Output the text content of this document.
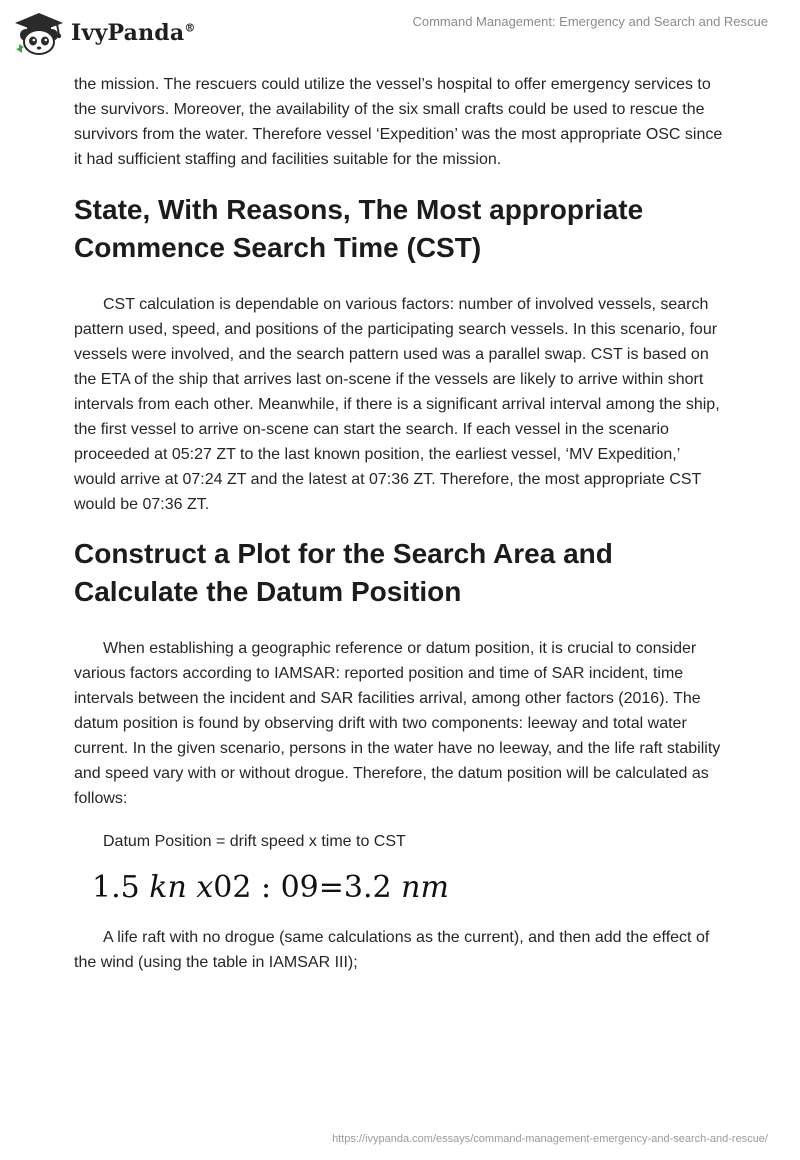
IvyPanda®	Command Management: Emergency and Search and Rescue

the mission. The rescuers could utilize the vessel’s hospital to offer emergency services to the survivors. Moreover, the availability of the six small crafts could be used to rescue the survivors from the water. Therefore vessel ‘Expedition’ was the most appropriate OSC since it had sufficient staffing and facilities suitable for the mission.

State, With Reasons, The Most appropriate Commence Search Time (CST)

CST calculation is dependable on various factors: number of involved vessels, search pattern used, speed, and positions of the participating search vessels. In this scenario, four vessels were involved, and the search pattern used was a parallel swap. CST is based on the ETA of the ship that arrives last on-scene if the vessels are likely to arrive within short intervals from each other. Meanwhile, if there is a significant arrival interval among the ship, the first vessel to arrive on-scene can start the search. If each vessel in the scenario proceeded at 05:27 ZT to the last known position, the earliest vessel, ‘MV Expedition,’ would arrive at 07:24 ZT and the latest at 07:36 ZT. Therefore, the most appropriate CST would be 07:36 ZT.

Construct a Plot for the Search Area and Calculate the Datum Position

When establishing a geographic reference or datum position, it is crucial to consider various factors according to IAMSAR: reported position and time of SAR incident, time intervals between the incident and SAR facilities arrival, among other factors (2016). The datum position is found by observing drift with two components: leeway and total water current. In the given scenario, persons in the water have no leeway, and the life raft stability and speed vary with or without drogue. Therefore, the datum position will be calculated as follows:

Datum Position = drift speed x time to CST

1.5 kn x02 : 09=3.2 nm

A life raft with no drogue (same calculations as the current), and then add the effect of the wind (using the table in IAMSAR III);

https://ivypanda.com/essays/command-management-emergency-and-search-and-rescue/
